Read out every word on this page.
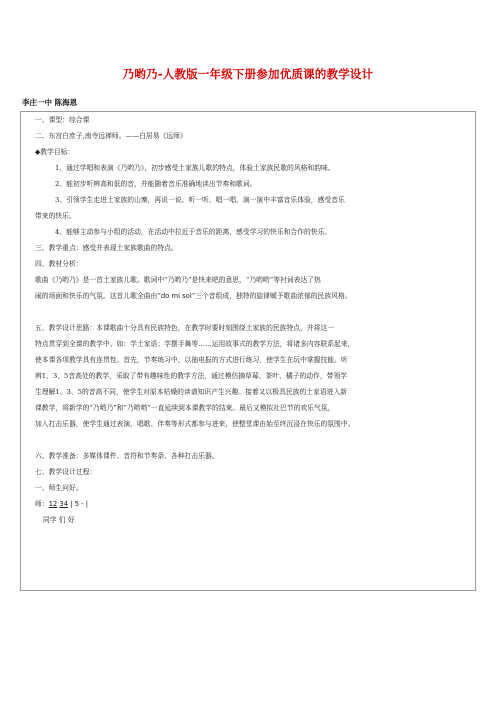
乃哟乃-人教版一年级下册参加优质课的教学设计
李庄一中 陈海恩
一、课型：综合课
二、东宫白庶子,南寺远禅师。——白居易《远师》
◆教学目标：
1、通过学唱和表演《乃哟乃》，初步感受土家族儿歌的特点，体验土家族民歌的风格和韵味。
2、能初步听辨高和低的音，并能随着音乐准确地读出节奏和歌词。
3、引领学生走进土家族的山寨，再说一说、听一听、唱一唱、演一演中丰富音乐体验，感受音乐
带来的快乐。
4、能够主动参与小组的活动，在活动中拉近于音乐的距离，感受学习的快乐和合作的快乐。
三、教学重点：感受并表现土家族歌曲的特点。
四、教材分析：
歌曲《乃哟乃》是一首土家族儿歌。歌词中“乃哟乃”是快来吧的意思，“乃哟哟”等衬词表达了热
闹的场面和快乐的气氛。这首儿歌全曲由“do mi sol”三个音组成，独特的旋律赋予歌曲浓郁的民族风格。
五、教学设计思路：本课歌曲十分具有民族特色，在教学时要时刻围绕土家族的民族特点，并将这一
特点贯穿到全课的教学中。如：学土家语；学摆手舞等……运用故事式的教学方法，将诸多内容联系起来，
使本课各项教学具有连贯性。首先，节奏练习中，以抽电报的方式进行练习，使学生在玩中掌握技能。听
辨1、3、5音高处的教学，采取了带有趣味性的教学方法，通过模仿摘草莓、茶叶、橘子的动作，带领学
生理解1、3、5的音高不同，使学生对原本枯燥的读谱知识产生兴趣。接着又以极具民族的土家语进入新
课教学，将新学的“乃哟乃”和“乃哟哟”一直延续到本课教学的结束。最后又模拟社巴节的欢乐气氛，
加入打击乐器，使学生通过表演、唱歌、伴奏等形式都参与进来，使整堂课由始至终沉浸在快乐的氛围中。
六、教学准备：多媒体课件、音符和节奏条、各种打击乐器。
七、教学设计过程：
一、师生问好。
师：12 34 | 5 - |
同学 们 好
